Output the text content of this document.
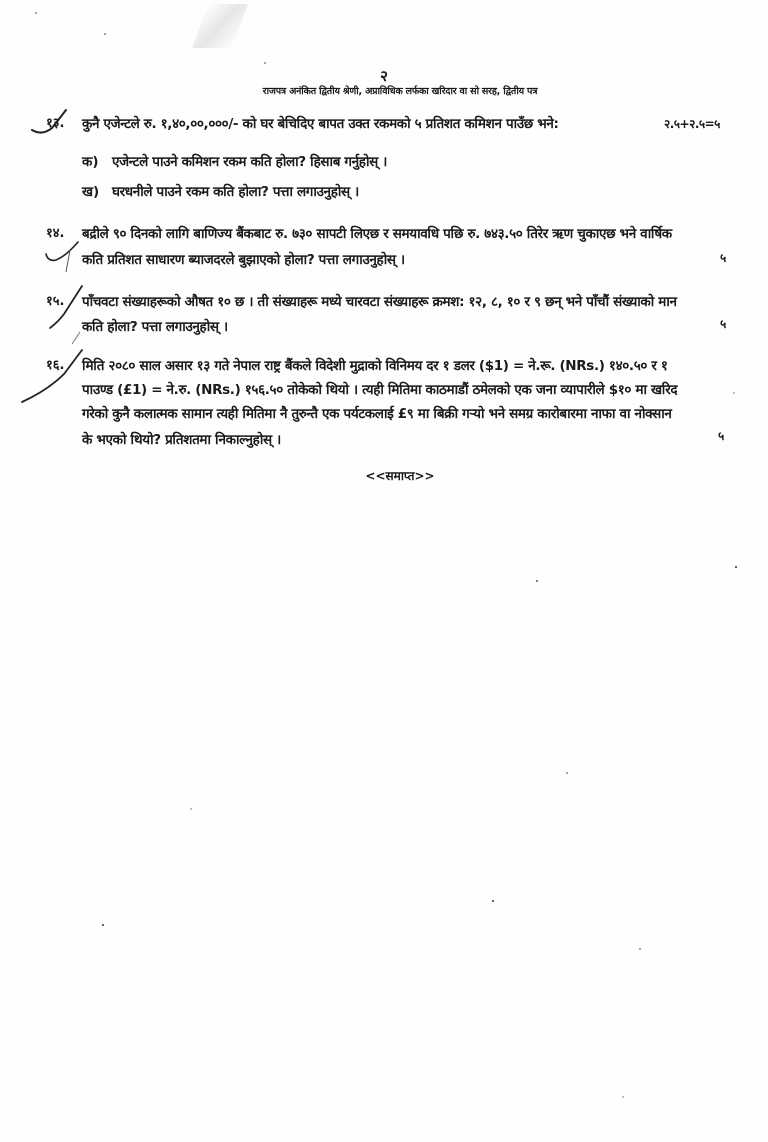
२
राजपत्र अनंकित द्वितीय श्रेणी, अप्राविधिक लर्फका खरिदार वा सो सरह, द्वितीय पत्र
१३. कुनै एजेन्टले रु. १,४०,००,०००/- को घर बेचिदिए बापत उक्त रकमको ५ प्रतिशत कमिशन पाउँछ भने:	२.५+२.५=५
क) एजेन्टले पाउने कमिशन रकम कति होला? हिसाब गर्नुहोस् ।
ख) घरधनीले पाउने रकम कति होला? पत्ता लगाउनुहोस् ।
१४. बद्रीले ९० दिनको लागि बाणिज्य बैंकबाट रु. ७३० सापटी लिएछ र समयावधि पछि रु. ७४३.५० तिरेर ऋण चुकाएछ भने वार्षिक
कति प्रतिशत साधारण ब्याजदरले बुझाएको होला? पत्ता लगाउनुहोस् ।	५
१५. पाँचवटा संख्याहरूको औषत १० छ । ती संख्याहरू मध्ये चारवटा संख्याहरू क्रमश: १२, ८, १० र ९ छन् भने पाँचौं संख्याको मान
कति होला? पत्ता लगाउनुहोस् ।	५
१६. मिति २०८० साल असार १३ गते नेपाल राष्ट्र बैंकले विदेशी मुद्राको विनिमय दर १ डलर ($1) = ने.रू. (NRs.) १४०.५० र १
पाउण्ड (£1) = ने.रु. (NRs.) १५६.५० तोकेको थियो । त्यही मितिमा काठमाडौं ठमेलको एक जना व्यापारीले $१० मा खरिद
गरेको कुनै कलात्मक सामान त्यही मितिमा नै तुरुन्तै एक पर्यटकलाई £९ मा बिक्री गर्‍यो भने समग्र कारोबारमा नाफा वा नोक्सान
के भएको थियो? प्रतिशतमा निकाल्नुहोस् ।	५
<<समाप्त>>
